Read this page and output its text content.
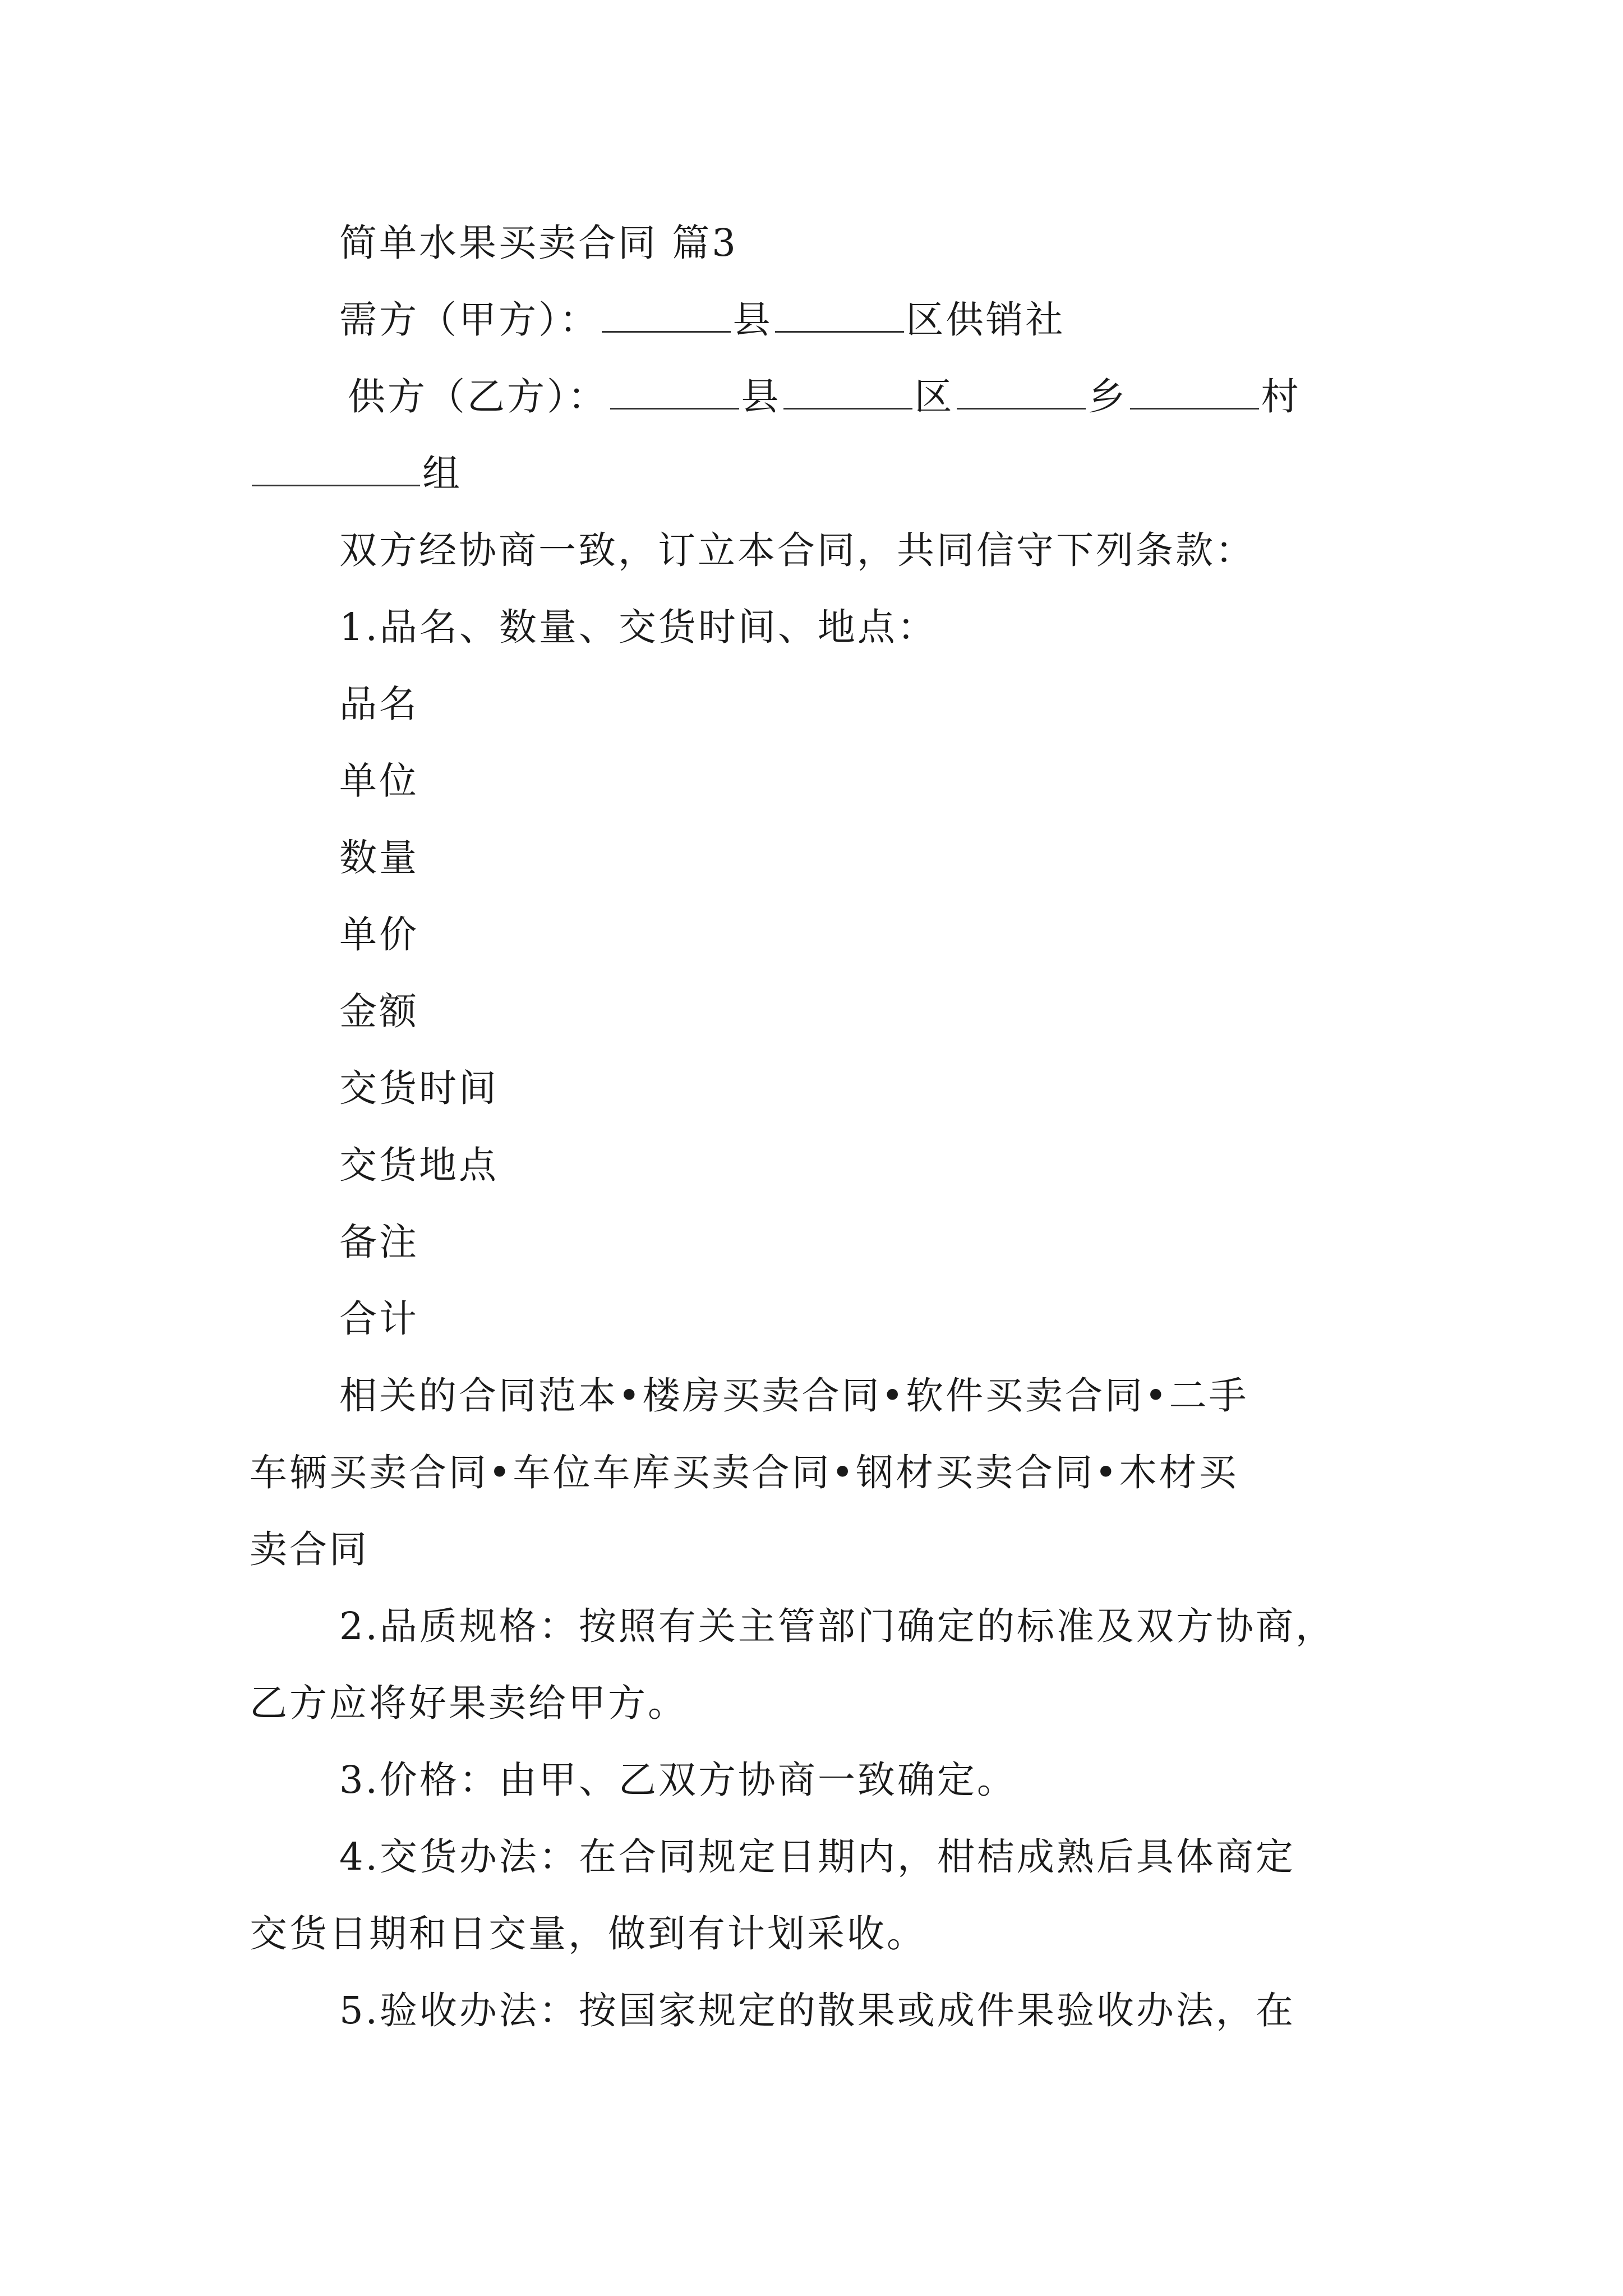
简单水果买卖合同 篇3

需方（甲方）：	县	区供销社

供方（乙方）：	县	区	乡	村

组

双方经协商一致，订立本合同，共同信守下列条款：

1.品名、数量、交货时间、地点：

品名

单位

数量

单价

金额

交货时间

交货地点

备注

合计

相关的合同范本•楼房买卖合同•软件买卖合同•二手

车辆买卖合同•车位车库买卖合同•钢材买卖合同•木材买

卖合同

2.品质规格：按照有关主管部门确定的标准及双方协商，

乙方应将好果卖给甲方。

3.价格：由甲、乙双方协商一致确定。

4.交货办法：在合同规定日期内，柑桔成熟后具体商定

交货日期和日交量，做到有计划采收。

5.验收办法：按国家规定的散果或成件果验收办法，在
